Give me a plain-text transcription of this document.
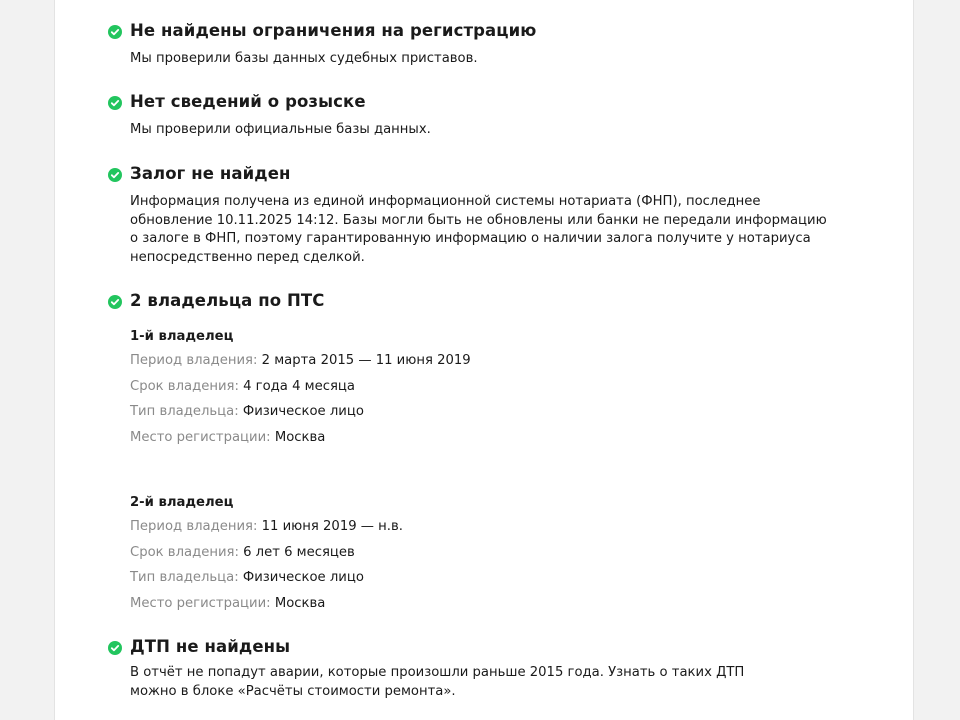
Не найдены ограничения на регистрацию
Мы проверили базы данных судебных приставов.
Нет сведений о розыске
Мы проверили официальные базы данных.
Залог не найден
Информация получена из единой информационной системы нотариата (ФНП), последнее обновление 10.11.2025 14:12. Базы могли быть не обновлены или банки не передали информацию о залоге в ФНП, поэтому гарантированную информацию о наличии залога получите у нотариуса непосредственно перед сделкой.
2 владельца по ПТС
1-й владелец
Период владения: 2 марта 2015 — 11 июня 2019
Срок владения: 4 года 4 месяца
Тип владельца: Физическое лицо
Место регистрации: Москва
2-й владелец
Период владения: 11 июня 2019 — н.в.
Срок владения: 6 лет 6 месяцев
Тип владельца: Физическое лицо
Место регистрации: Москва
ДТП не найдены
В отчёт не попадут аварии, которые произошли раньше 2015 года. Узнать о таких ДТП можно в блоке «Расчёты стоимости ремонта».
